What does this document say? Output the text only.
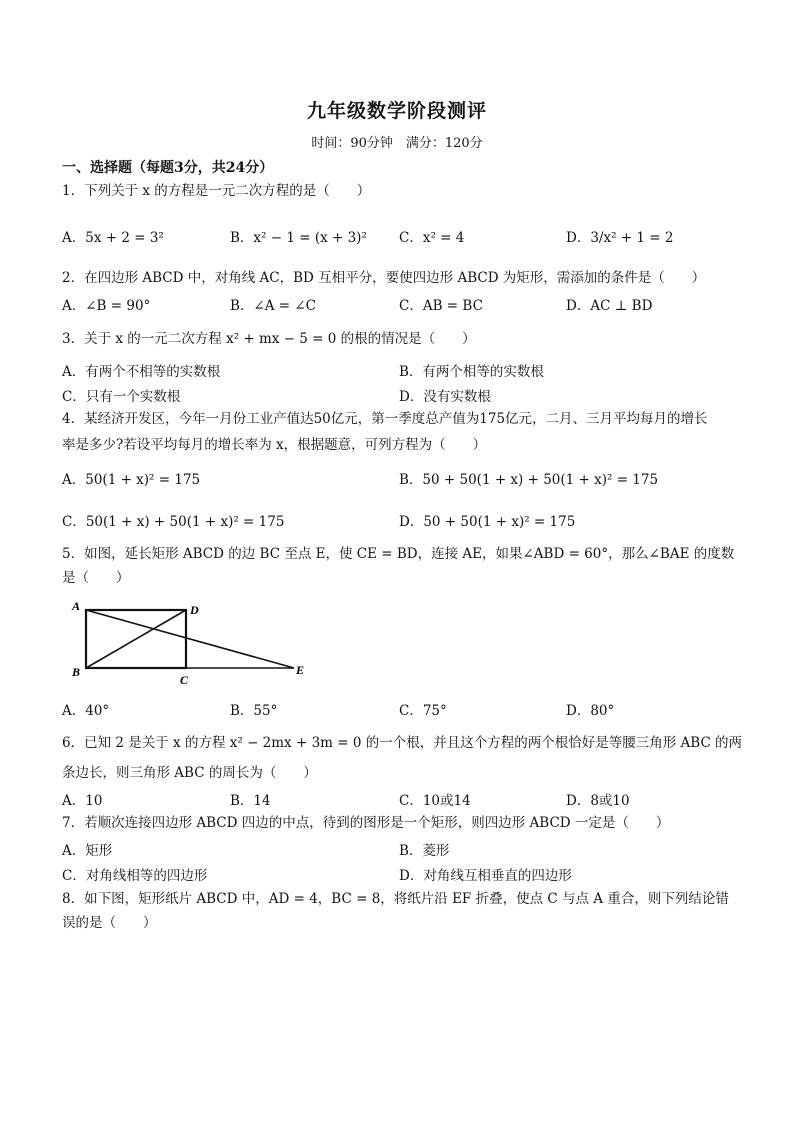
九年级数学阶段测评
时间：90分钟　满分：120分
一、选择题（每题3分，共24分）
1．下列关于 x 的方程是一元二次方程的是（　　）
A．5x + 2 = 3²	B．x² − 1 = (x + 3)² C．x² = 4	D．3/x² + 1 = 2
2．在四边形 ABCD 中，对角线 AC，BD 互相平分，要使四边形 ABCD 为矩形，需添加的条件是（　　）
A．∠B = 90°	B．∠A = ∠C	C．AB = BC	D．AC ⊥ BD
3．关于 x 的一元二次方程 x² + mx − 5 = 0 的根的情况是（　　）
A．有两个不相等的实数根	B．有两个相等的实数根
C．只有一个实数根	D．没有实数根
4．某经济开发区，今年一月份工业产值达50亿元，第一季度总产值为175亿元，二月、三月平均每月的增长
率是多少?若设平均每月的增长率为 x，根据题意，可列方程为（　　）
A．50(1 + x)² = 175	B．50 + 50(1 + x) + 50(1 + x)² = 175
C．50(1 + x) + 50(1 + x)² = 175	D．50 + 50(1 + x)² = 175
5．如图，延长矩形 ABCD 的边 BC 至点 E，使 CE = BD，连接 AE，如果∠ABD = 60°，那么∠BAE 的度数
是（　　）
A	D
B
C
E
A．40°	B．55°	C．75°	D．80°
6．已知 2 是关于 x 的方程 x² − 2mx + 3m = 0 的一个根，并且这个方程的两个根恰好是等腰三角形 ABC 的两
条边长，则三角形 ABC 的周长为（　　）
A．10	B．14	C．10或14	D．8或10
7．若顺次连接四边形 ABCD 四边的中点，待到的图形是一个矩形，则四边形 ABCD 一定是（　　）
A．矩形	B．菱形
C．对角线相等的四边形	D．对角线互相垂直的四边形
8．如下图，矩形纸片 ABCD 中，AD = 4，BC = 8，将纸片沿 EF 折叠，使点 C 与点 A 重合，则下列结论错
误的是（　　）
